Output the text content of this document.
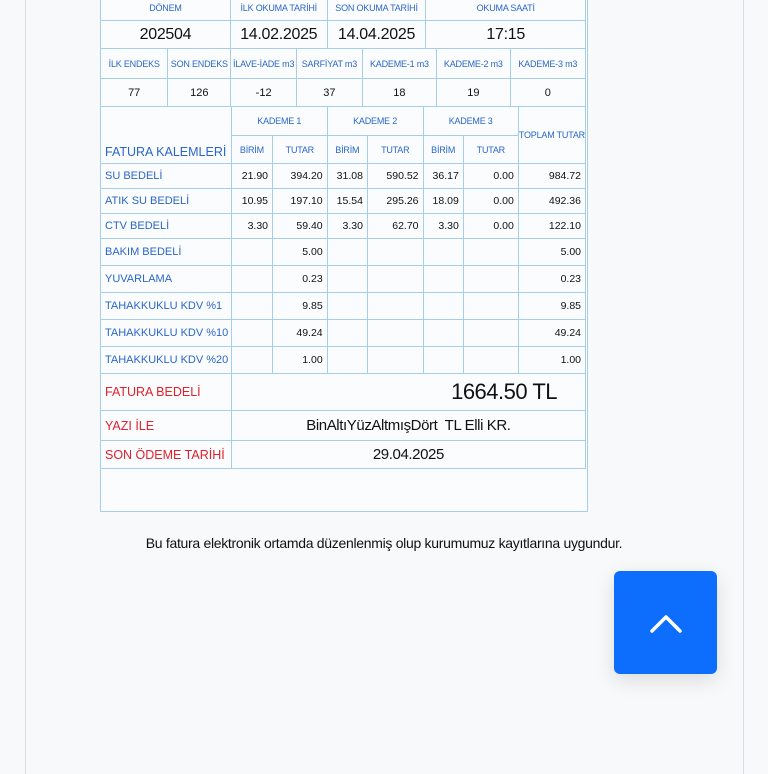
DÖNEM	İLK OKUMA TARİHİ	SON OKUMA TARİHİ	OKUMA SAATİ
202504	14.02.2025	14.04.2025	17:15
İLK ENDEKS	SON ENDEKS	İLAVE-İADE m3	SARFİYAT m3	KADEME-1 m3	KADEME-2 m3	KADEME-3 m3
77	126	-12	37	18	19	0
FATURA KALEMLERİ	KADEME 1		KADEME 2		KADEME 3		TOPLAM TUTAR
	BİRİM	TUTAR	BİRİM	TUTAR	BİRİM	TUTAR	
SU BEDELİ	21.90	394.20	31.08	590.52	36.17	0.00	984.72
ATIK SU BEDELİ	10.95	197.10	15.54	295.26	18.09	0.00	492.36
CTV BEDELİ	3.30	59.40	3.30	62.70	3.30	0.00	122.10
BAKIM BEDELİ		5.00					5.00
YUVARLAMA		0.23					0.23
TAHAKKUKLU KDV %1		9.85					9.85
TAHAKKUKLU KDV %10		49.24					49.24
TAHAKKUKLU KDV %20		1.00					1.00
FATURA BEDELİ	1664.50 TL						
YAZI İLE	BinAltıYüzAltmışDört  TL Elli KR.						
SON ÖDEME TARİHİ	29.04.2025						
Bu fatura elektronik ortamda düzenlenmiş olup kurumumuz kayıtlarına uygundur.
